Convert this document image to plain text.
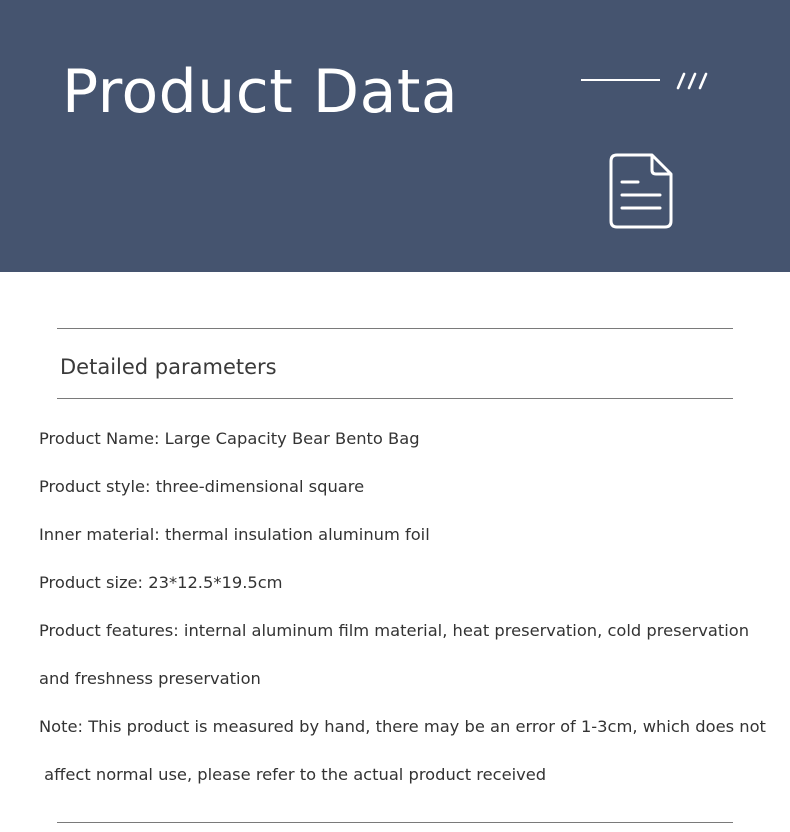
Product Data
Detailed parameters
Product Name: Large Capacity Bear Bento Bag
Product style: three-dimensional square
Inner material: thermal insulation aluminum foil
Product size: 23*12.5*19.5cm
Product features: internal aluminum film material, heat preservation, cold preservation
and freshness preservation
Note: This product is measured by hand, there may be an error of 1-3cm, which does not
affect normal use, please refer to the actual product received
